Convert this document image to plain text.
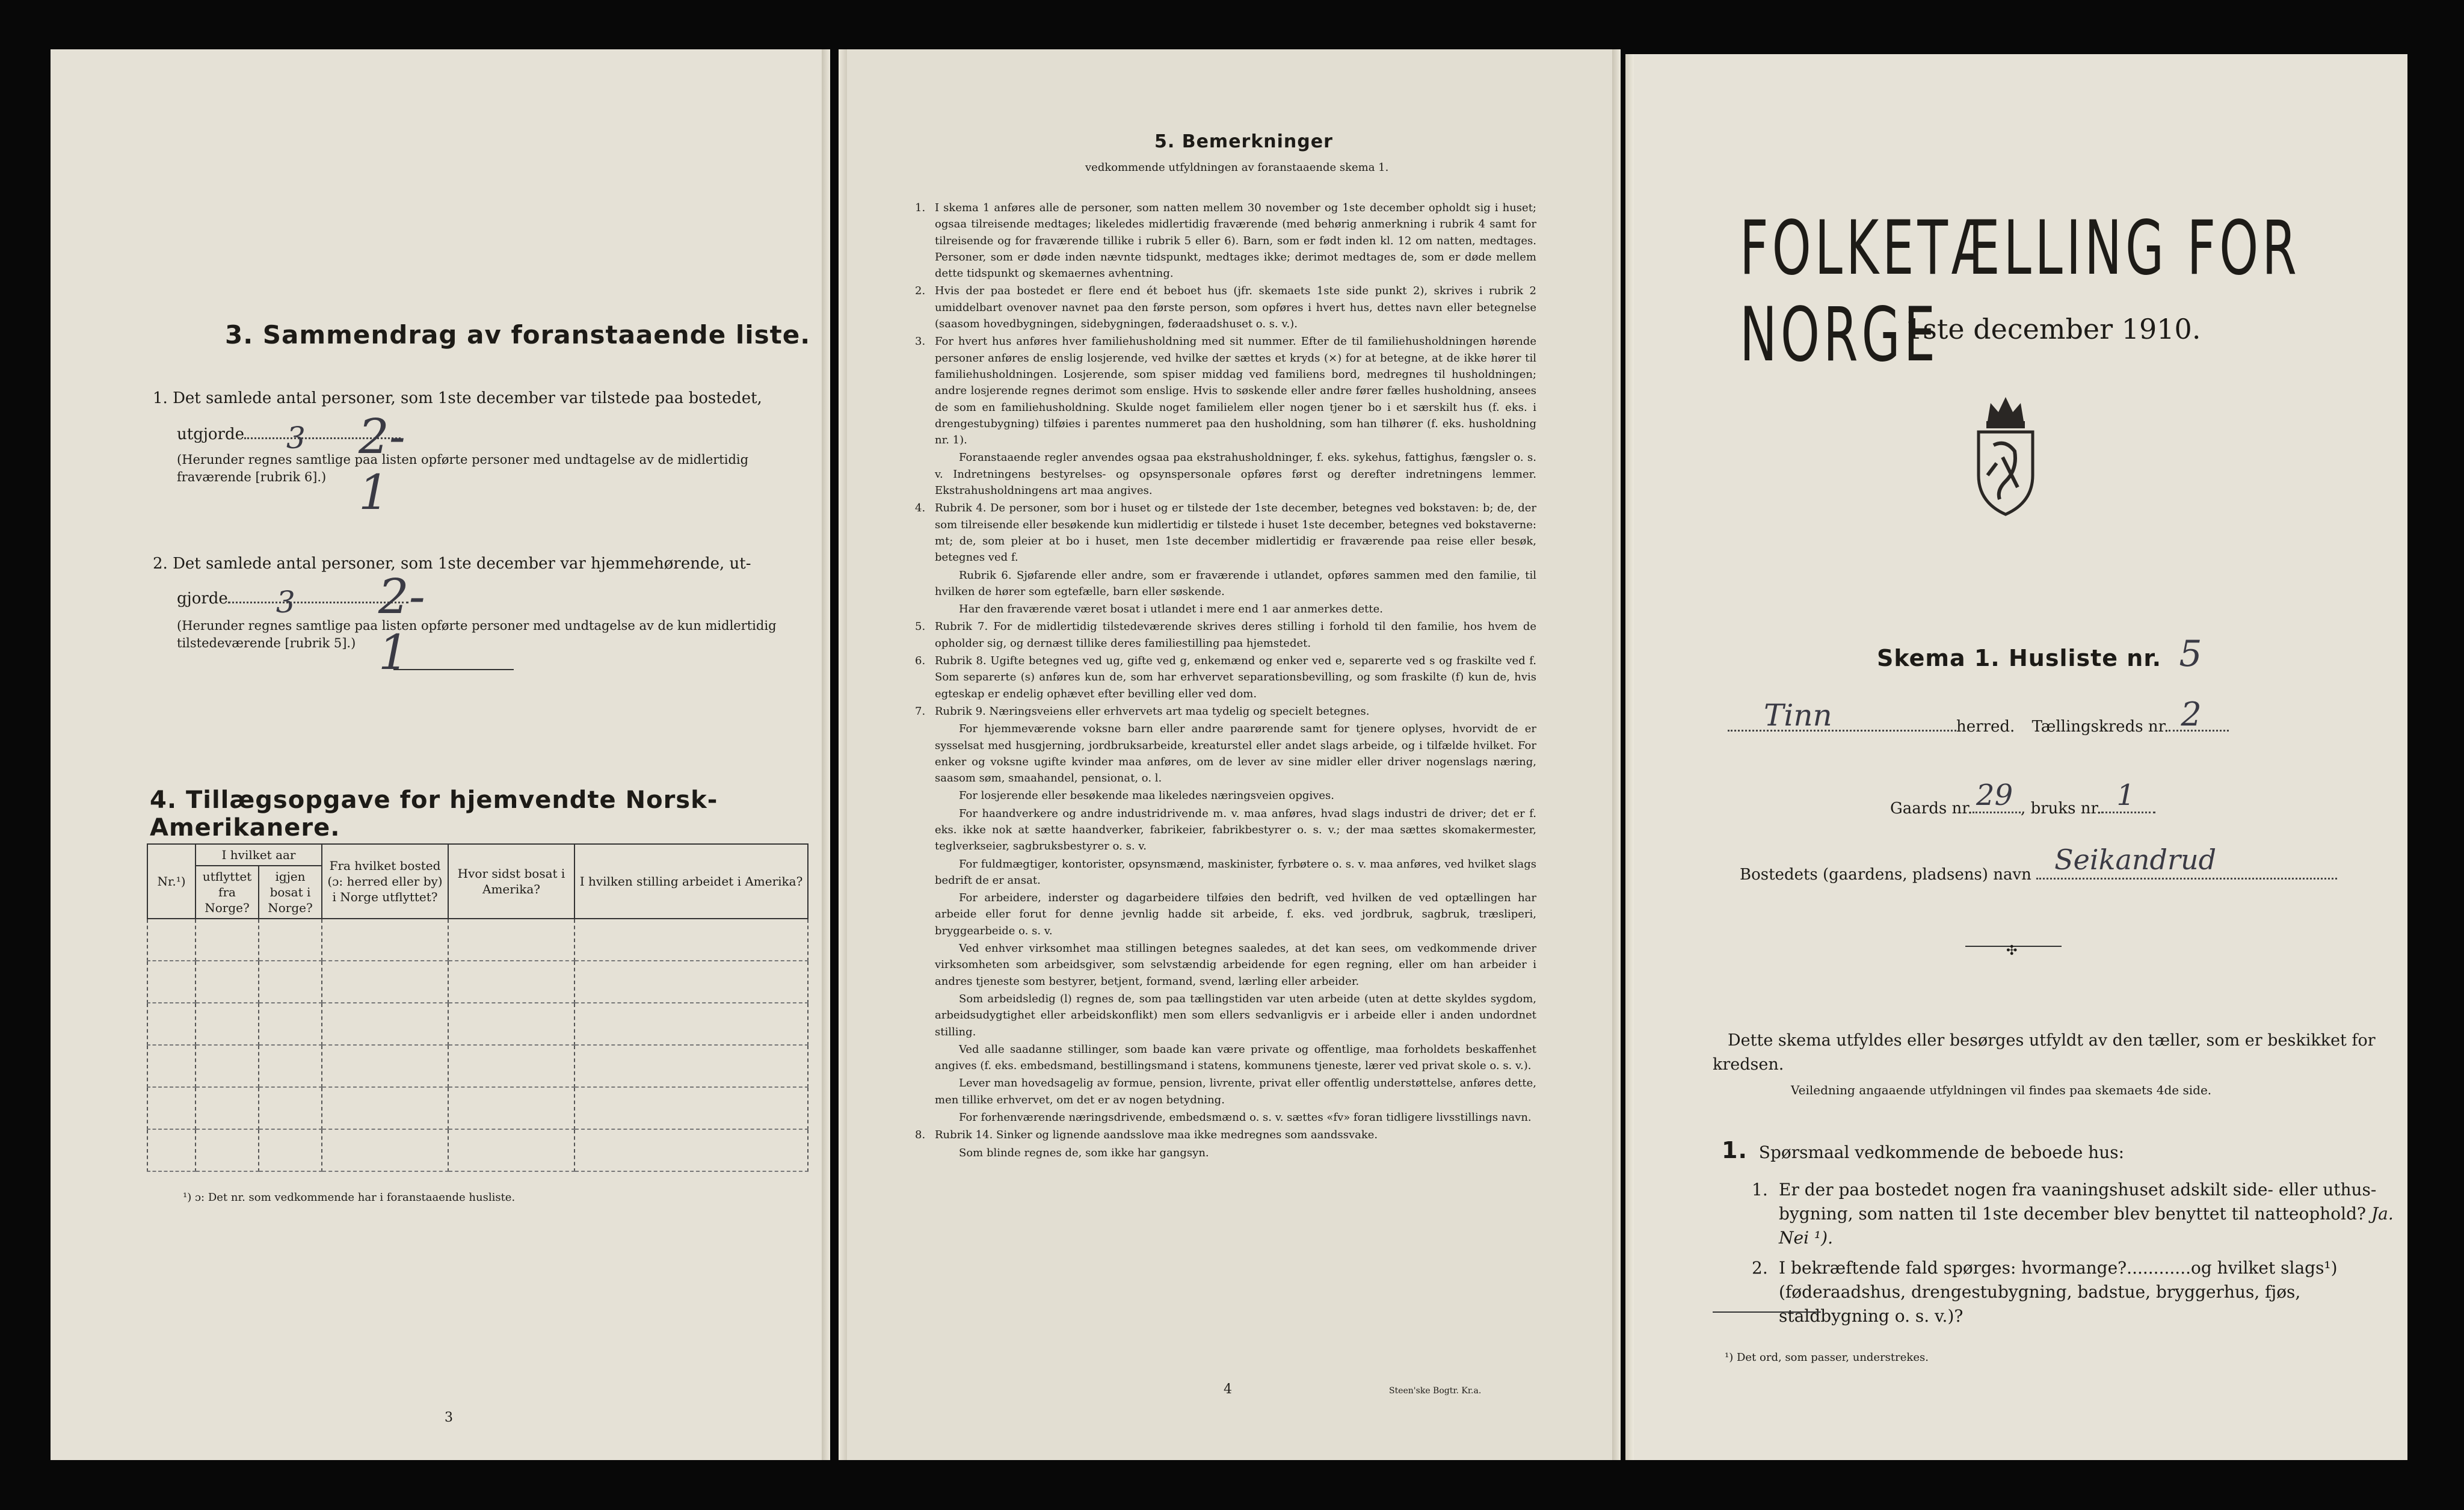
3. Sammendrag av foranstaaende liste.
1. Det samlede antal personer, som 1ste december var tilstede paa bostedet,
utgjorde 3 2-1
(Herunder regnes samtlige paa listen opførte personer med undtagelse av de midlertidig fraværende [rubrik 6].)
2. Det samlede antal personer, som 1ste december var hjemmehørende, ut-
gjorde 3 2-1
(Herunder regnes samtlige paa listen opførte personer med undtagelse av de kun midlertidig tilstedeværende [rubrik 5].)
4. Tillægsopgave for hjemvendte Norsk-Amerikanere.
Nr.¹)	I hvilket aar		Fra hvilket bosted (ɔ: herred eller by) i Norge utflyttet?	Hvor sidst bosat i Amerika?	I hvilken stilling arbeidet i Amerika?
	utflyttet fra Norge?	igjen bosat i Norge?			

¹) ɔ: Det nr. som vedkommende har i foranstaaende husliste.
3
5. Bemerkninger
vedkommende utfyldningen av foranstaaende skema 1.

1. I skema 1 anføres alle de personer, som natten mellem 30 november og 1ste december opholdt sig i huset; ogsaa tilreisende medtages; likeledes midlertidig fraværende (med behørig anmerkning i rubrik 4 samt for tilreisende og for fraværende tillike i rubrik 5 eller 6). Barn, som er født inden kl. 12 om natten, medtages. Personer, som er døde inden nævnte tidspunkt, medtages ikke; derimot medtages de, som er døde mellem dette tidspunkt og skemaernes avhentning.

2. Hvis der paa bostedet er flere end ét beboet hus (jfr. skemaets 1ste side punkt 2), skrives i rubrik 2 umiddelbart ovenover navnet paa den første person, som opføres i hvert hus, dettes navn eller betegnelse (saasom hovedbygningen, sidebygningen, føderaadshuset o. s. v.).

3. For hvert hus anføres hver familiehusholdning med sit nummer. Efter de til familiehusholdningen hørende personer anføres de enslig losjerende, ved hvilke der sættes et kryds (×) for at betegne, at de ikke hører til familiehusholdningen. Losjerende, som spiser middag ved familiens bord, medregnes til husholdningen; andre losjerende regnes derimot som enslige. Hvis to søskende eller andre fører fælles husholdning, ansees de som en familiehusholdning. Skulde noget familielem eller nogen tjener bo i et særskilt hus (f. eks. i drengestubygning) tilføies i parentes nummeret paa den husholdning, som han tilhører (f. eks. husholdning nr. 1).

Foranstaaende regler anvendes ogsaa paa ekstrahusholdninger, f. eks. sykehus, fattighus, fængsler o. s. v. Indretningens bestyrelses- og opsynspersonale opføres først og derefter indretningens lemmer. Ekstrahusholdningens art maa angives.

4. Rubrik 4. De personer, som bor i huset og er tilstede der 1ste december, betegnes ved bokstaven: b; de, der som tilreisende eller besøkende kun midlertidig er tilstede i huset 1ste december, betegnes ved bokstaverne: mt; de, som pleier at bo i huset, men 1ste december midlertidig er fraværende paa reise eller besøk, betegnes ved f.

Rubrik 6. Sjøfarende eller andre, som er fraværende i utlandet, opføres sammen med den familie, til hvilken de hører som egtefælle, barn eller søskende.

Har den fraværende været bosat i utlandet i mere end 1 aar anmerkes dette.

5. Rubrik 7. For de midlertidig tilstedeværende skrives deres stilling i forhold til den familie, hos hvem de opholder sig, og dernæst tillike deres familiestilling paa hjemstedet.

6. Rubrik 8. Ugifte betegnes ved ug, gifte ved g, enkemænd og enker ved e, separerte ved s og fraskilte ved f. Som separerte (s) anføres kun de, som har erhvervet separationsbevilling, og som fraskilte (f) kun de, hvis egteskap er endelig ophævet efter bevilling eller ved dom.

7. Rubrik 9. Næringsveiens eller erhvervets art maa tydelig og specielt betegnes.

For hjemmeværende voksne barn eller andre paarørende samt for tjenere oplyses, hvorvidt de er sysselsat med husgjerning, jordbruksarbeide, kreaturstel eller andet slags arbeide, og i tilfælde hvilket. For enker og voksne ugifte kvinder maa anføres, om de lever av sine midler eller driver nogenslags næring, saasom søm, smaahandel, pensionat, o. l.

For losjerende eller besøkende maa likeledes næringsveien opgives.

For haandverkere og andre industridrivende m. v. maa anføres, hvad slags industri de driver; det er f. eks. ikke nok at sætte haandverker, fabrikeier, fabrikbestyrer o. s. v.; der maa sættes skomakermester, teglverkseier, sagbruksbestyrer o. s. v.

For fuldmægtiger, kontorister, opsynsmænd, maskinister, fyrbøtere o. s. v. maa anføres, ved hvilket slags bedrift de er ansat.

For arbeidere, inderster og dagarbeidere tilføies den bedrift, ved hvilken de ved optællingen har arbeide eller forut for denne jevnlig hadde sit arbeide, f. eks. ved jordbruk, sagbruk, træsliperi, bryggearbeide o. s. v.

Ved enhver virksomhet maa stillingen betegnes saaledes, at det kan sees, om vedkommende driver virksomheten som arbeidsgiver, som selvstændig arbeidende for egen regning, eller om han arbeider i andres tjeneste som bestyrer, betjent, formand, svend, lærling eller arbeider.

Som arbeidsledig (l) regnes de, som paa tællingstiden var uten arbeide (uten at dette skyldes sygdom, arbeidsudygtighet eller arbeidskonflikt) men som ellers sedvanligvis er i arbeide eller i anden undordnet stilling.

Ved alle saadanne stillinger, som baade kan være private og offentlige, maa forholdets beskaffenhet angives (f. eks. embedsmand, bestillingsmand i statens, kommunens tjeneste, lærer ved privat skole o. s. v.).

Lever man hovedsagelig av formue, pension, livrente, privat eller offentlig understøttelse, anføres dette, men tillike erhvervet, om det er av nogen betydning.

For forhenværende næringsdrivende, embedsmænd o. s. v. sættes «fv» foran tidligere livsstillings navn.

8. Rubrik 14. Sinker og lignende aandsslove maa ikke medregnes som aandssvake.

Som blinde regnes de, som ikke har gangsyn.

4	Steen'ske Bogtr. Kr.a.
FOLKETÆLLING FOR NORGE
1ste december 1910.
Skema 1. Husliste nr. 5
Tinn	herred. Tællingskreds nr. 2
Gaards nr. 29 , bruks nr. 1
Bostedets (gaardens, pladsens) navn Seikandrud
✣
Dette skema utfyldes eller besørges utfyldt av den tæller, som er beskikket for kredsen.
Veiledning angaaende utfyldningen vil findes paa skemaets 4de side.
1. Spørsmaal vedkommende de beboede hus:
1. Er der paa bostedet nogen fra vaaningshuset adskilt side- eller uthus-bygning, som natten til 1ste december blev benyttet til natteophold? Ja. Nei ¹).
2. I bekræftende fald spørges: hvormange?............og hvilket slags¹) (føderaadshus, drengestubygning, badstue, bryggerhus, fjøs, staldbygning o. s. v.)?
¹) Det ord, som passer, understrekes.
